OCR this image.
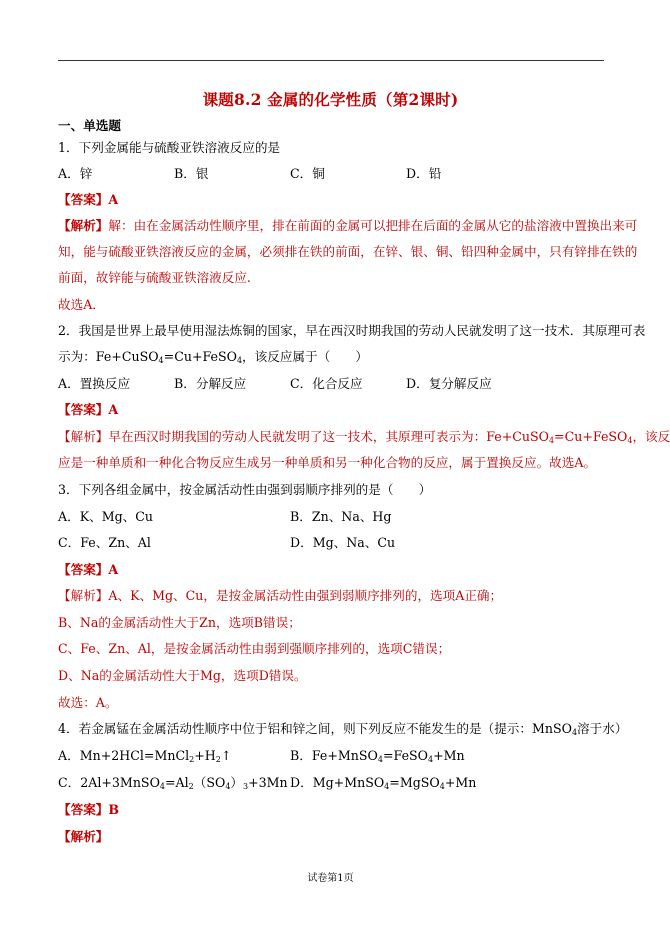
课题8.2 金属的化学性质（第2课时)
一、单选题
1．下列金属能与硫酸亚铁溶液反应的是
A．锌	B．银	C．铜	D．铅
【答案】A
【解析】解：由在金属活动性顺序里，排在前面的金属可以把排在后面的金属从它的盐溶液中置换出来可
知，能与硫酸亚铁溶液反应的金属，必须排在铁的前面，在锌、银、铜、铅四种金属中，只有锌排在铁的
前面，故锌能与硫酸亚铁溶液反应.
故选A．
2．我国是世界上最早使用湿法炼铜的国家，早在西汉时期我国的劳动人民就发明了这一技术．其原理可表
示为：Fe+CuSO$_4$=Cu+FeSO$_4$，该反应属于（　　）
A．置换反应	B．分解反应	C．化合反应	D．复分解反应
【答案】A
【解析】早在西汉时期我国的劳动人民就发明了这一技术，其原理可表示为：Fe+CuSO$_4$=Cu+FeSO$_4$，该反
应是一种单质和一种化合物反应生成另一种单质和另一种化合物的反应，属于置换反应。故选A。
3．下列各组金属中，按金属活动性由强到弱顺序排列的是（　　）
A．K、Mg、Cu	B．Zn、Na、Hg
C．Fe、Zn、Al	D．Mg、Na、Cu
【答案】A
【解析】A、K、Mg、Cu，是按金属活动性由强到弱顺序排列的，选项A正确；
B、Na的金属活动性大于Zn，选项B错误；
C、Fe、Zn、Al，是按金属活动性由弱到强顺序排列的，选项C错误；
D、Na的金属活动性大于Mg，选项D错误。
故选：A。
4．若金属锰在金属活动性顺序中位于铝和锌之间，则下列反应不能发生的是（提示：MnSO$_4$溶于水）
A．$Mn+2HCl=MnCl_2+H_2↑$	B．Fe+MnSO$_4$=FeSO$_4$+Mn
C．$2Al+3MnSO_4=Al_2(SO_4)_3+3Mn$ D．Mg+MnSO$_4$=MgSO$_4$+Mn
【答案】B
【解析】
试卷第1页
